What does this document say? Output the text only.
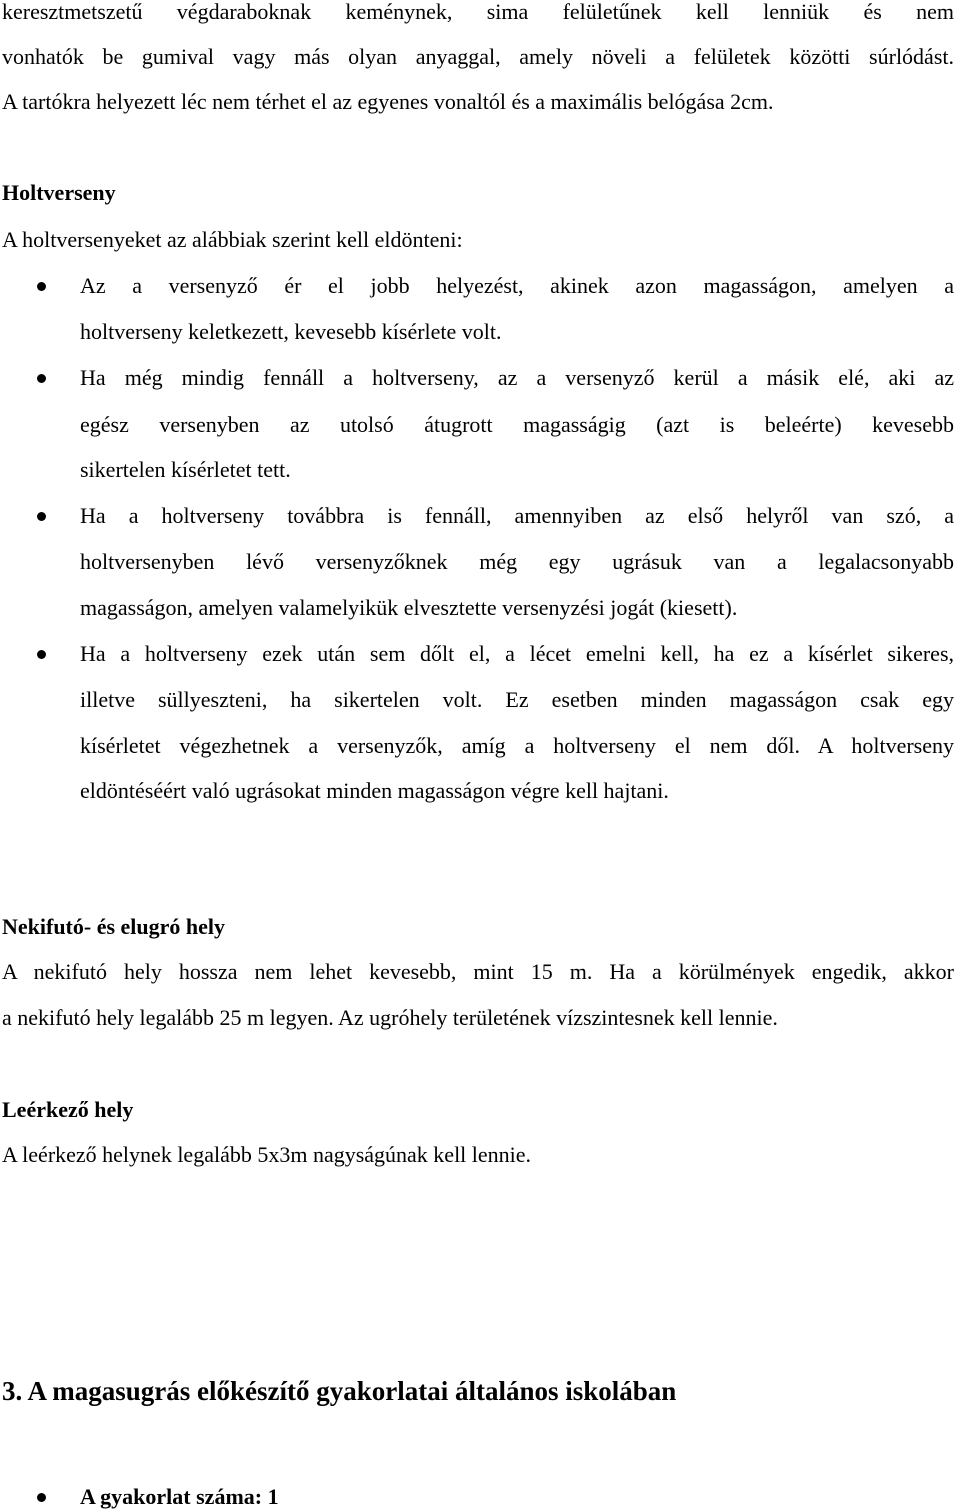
keresztmetszetű végdaraboknak keménynek, sima felületűnek kell lenniük és nem
vonhatók be gumival vagy más olyan anyaggal, amely növeli a felületek közötti súrlódást.
A tartókra helyezett léc nem térhet el az egyenes vonaltól és a maximális belógása 2cm.
Holtverseny
A holtversenyeket az alábbiak szerint kell eldönteni:
Az a versenyző ér el jobb helyezést, akinek azon magasságon, amelyen a
holtverseny keletkezett, kevesebb kísérlete volt.
Ha még mindig fennáll a holtverseny, az a versenyző kerül a másik elé, aki az
egész versenyben az utolsó átugrott magasságig (azt is beleérte) kevesebb
sikertelen kísérletet tett.
Ha a holtverseny továbbra is fennáll, amennyiben az első helyről van szó, a
holtversenyben lévő versenyzőknek még egy ugrásuk van a legalacsonyabb
magasságon, amelyen valamelyikük elvesztette versenyzési jogát (kiesett).
Ha a holtverseny ezek után sem dőlt el, a lécet emelni kell, ha ez a kísérlet sikeres,
illetve süllyeszteni, ha sikertelen volt. Ez esetben minden magasságon csak egy
kísérletet végezhetnek a versenyzők, amíg a holtverseny el nem dől. A holtverseny
eldöntéséért való ugrásokat minden magasságon végre kell hajtani.
Nekifutó- és elugró hely
A nekifutó hely hossza nem lehet kevesebb, mint 15 m. Ha a körülmények engedik, akkor
a nekifutó hely legalább 25 m legyen. Az ugróhely területének vízszintesnek kell lennie.
Leérkező hely
A leérkező helynek legalább 5x3m nagyságúnak kell lennie.
3. A magasugrás előkészítő gyakorlatai általános iskolában
A gyakorlat száma: 1
